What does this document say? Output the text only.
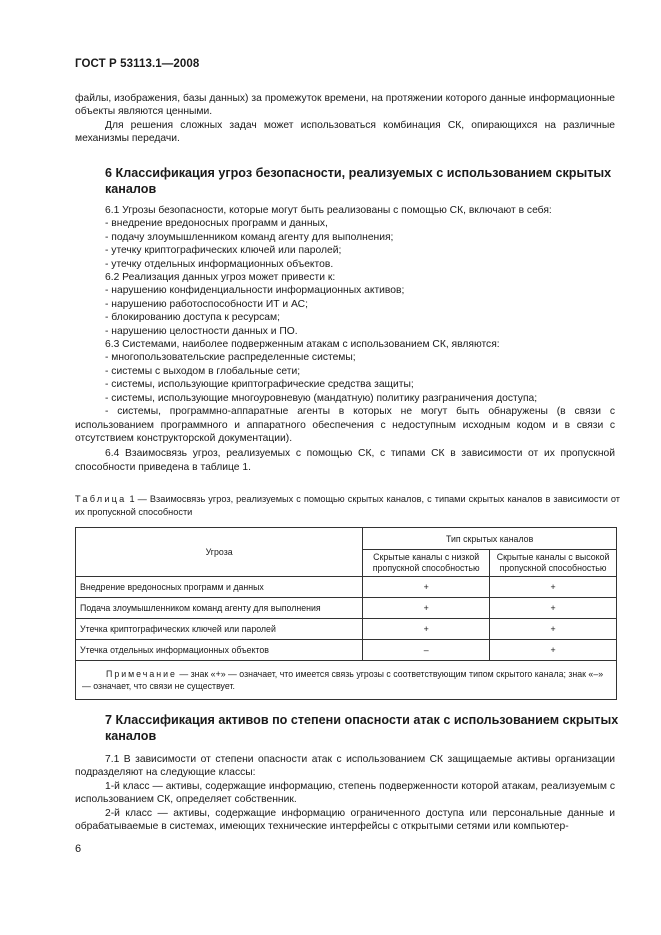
ГОСТ Р 53113.1—2008

файлы, изображения, базы данных) за промежуток времени, на протяжении которого данные информационные объекты являются ценными.

Для решения сложных задач может использоваться комбинация СК, опирающихся на различные механизмы передачи.

6 Классификация угроз безопасности, реализуемых с использованием скрытых каналов

6.1 Угрозы безопасности, которые могут быть реализованы с помощью СК, включают в себя:

- внедрение вредоносных программ и данных,

- подачу злоумышленником команд агенту для выполнения;

- утечку криптографических ключей или паролей;

- утечку отдельных информационных объектов.

6.2 Реализация данных угроз может привести к:

- нарушению конфиденциальности информационных активов;

- нарушению работоспособности ИТ и АС;

- блокированию доступа к ресурсам;

- нарушению целостности данных и ПО.

6.3 Системами, наиболее подверженным атакам с использованием СК, являются:

- многопользовательские распределенные системы;

- системы с выходом в глобальные сети;

- системы, использующие криптографические средства защиты;

- системы, использующие многоуровневую (мандатную) политику разграничения доступа;

- системы, программно-аппаратные агенты в которых не могут быть обнаружены (в связи с использованием программного и аппаратного обеспечения с недоступным исходным кодом и в связи с отсутствием конструкторской документации).

6.4 Взаимосвязь угроз, реализуемых с помощью СК, с типами СК в зависимости от их пропускной способности приведена в таблице 1.

Таблица 1 — Взаимосвязь угроз, реализуемых с помощью скрытых каналов, с типами скрытых каналов в зависимости от их пропускной способности
Угроза	Тип скрытых каналов	
	Скрытые каналы с низкой пропускной способностью	Скрытые каналы с высокой пропускной способностью
Внедрение вредоносных программ и данных	+	+
Подача злоумышленником команд агенту для выполнения	+	+
Утечка криптографических ключей или паролей	+	+
Утечка отдельных информационных объектов	–	+
Примечание — знак «+» — означает, что имеется связь угрозы с соответствующим типом скрытого канала; знак «–» — означает, что связи не существует.		
7 Классификация активов по степени опасности атак с использованием скрытых каналов

7.1 В зависимости от степени опасности атак с использованием СК защищаемые активы организации подразделяют на следующие классы:

1-й класс — активы, содержащие информацию, степень подверженности которой атакам, реализуемым с использованием СК, определяет собственник.

2-й класс — активы, содержащие информацию ограниченного доступа или персональные данные и обрабатываемые в системах, имеющих технические интерфейсы с открытыми сетями или компьютер-

6
